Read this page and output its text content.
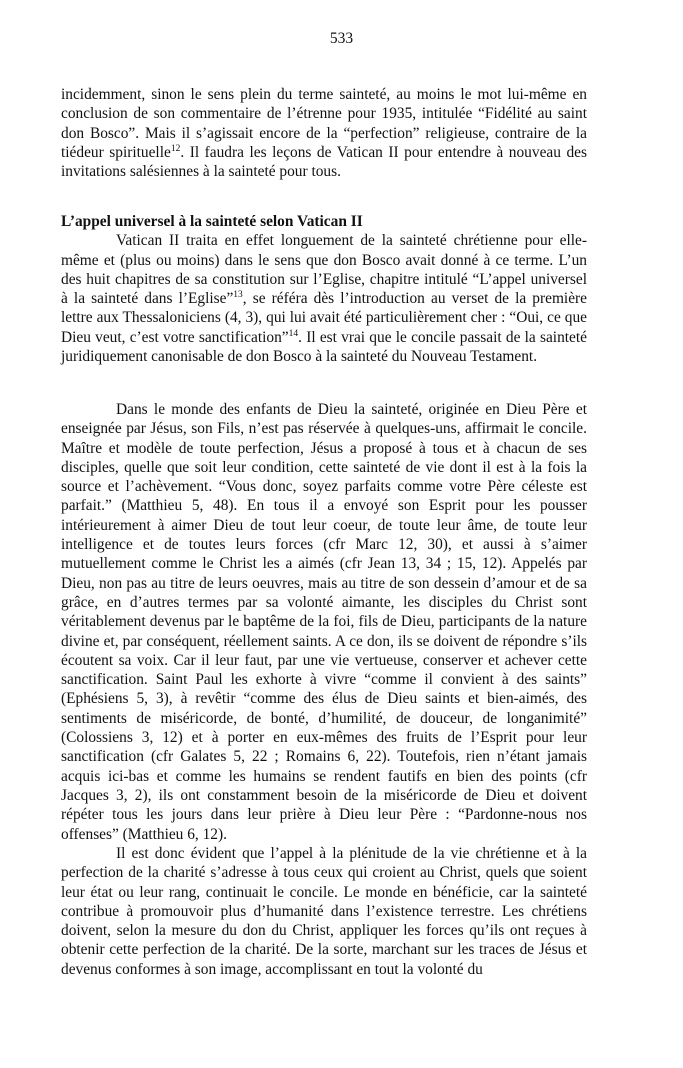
533

incidemment, sinon le sens plein du terme sainteté, au moins le mot lui-même en conclusion de son commentaire de l’étrenne pour 1935, intitulée “Fidélité au saint don Bosco”. Mais il s’agissait encore de la “perfection” religieuse, contraire de la tiédeur spirituelle$^{12}$. Il faudra les leçons de Vatican II pour entendre à nouveau des invitations salésiennes à la sainteté pour tous.

L’appel universel à la sainteté selon Vatican II

Vatican II traita en effet longuement de la sainteté chrétienne pour elle-même et (plus ou moins) dans le sens que don Bosco avait donné à ce terme. L’un des huit chapitres de sa constitution sur l’Eglise, chapitre intitulé “L’appel universel à la sainteté dans l’Eglise”$^{13}$, se référa dès l’introduction au verset de la première lettre aux Thessaloniciens (4, 3), qui lui avait été particulièrement cher : “Oui, ce que Dieu veut, c’est votre sanctification”$^{14}$. Il est vrai que le concile passait de la sainteté juridiquement canonisable de don Bosco à la sainteté du Nouveau Testament.

Dans le monde des enfants de Dieu la sainteté, originée en Dieu Père et enseignée par Jésus, son Fils, n’est pas réservée à quelques-uns, affirmait le concile. Maître et modèle de toute perfection, Jésus a proposé à tous et à chacun de ses disciples, quelle que soit leur condition, cette sainteté de vie dont il est à la fois la source et l’achèvement. “Vous donc, soyez parfaits comme votre Père céleste est parfait.” (Matthieu 5, 48). En tous il a envoyé son Esprit pour les pousser intérieurement à aimer Dieu de tout leur coeur, de toute leur âme, de toute leur intelligence et de toutes leurs forces (cfr Marc 12, 30), et aussi à s’aimer mutuellement comme le Christ les a aimés (cfr Jean 13, 34 ; 15, 12). Appelés par Dieu, non pas au titre de leurs oeuvres, mais au titre de son dessein d’amour et de sa grâce, en d’autres termes par sa volonté aimante, les disciples du Christ sont véritablement devenus par le baptême de la foi, fils de Dieu, participants de la nature divine et, par conséquent, réellement saints. A ce don, ils se doivent de répondre s’ils écoutent sa voix. Car il leur faut, par une vie vertueuse, conserver et achever cette sanctification. Saint Paul les exhorte à vivre “comme il convient à des saints” (Ephésiens 5, 3), à revêtir “comme des élus de Dieu saints et bien-aimés, des sentiments de miséricorde, de bonté, d’humilité, de douceur, de longanimité” (Colossiens 3, 12) et à porter en eux-mêmes des fruits de l’Esprit pour leur sanctification (cfr Galates 5, 22 ; Romains 6, 22). Toutefois, rien n’étant jamais acquis ici-bas et comme les humains se rendent fautifs en bien des points (cfr Jacques 3, 2), ils ont constamment besoin de la miséricorde de Dieu et doivent répéter tous les jours dans leur prière à Dieu leur Père : “Pardonne-nous nos offenses” (Matthieu 6, 12).

Il est donc évident que l’appel à la plénitude de la vie chrétienne et à la perfection de la charité s’adresse à tous ceux qui croient au Christ, quels que soient leur état ou leur rang, continuait le concile. Le monde en bénéficie, car la sainteté contribue à promouvoir plus d’humanité dans l’existence terrestre. Les chrétiens doivent, selon la mesure du don du Christ, appliquer les forces qu’ils ont reçues à obtenir cette perfection de la charité. De la sorte, marchant sur les traces de Jésus et devenus conformes à son image, accomplissant en tout la volonté du
